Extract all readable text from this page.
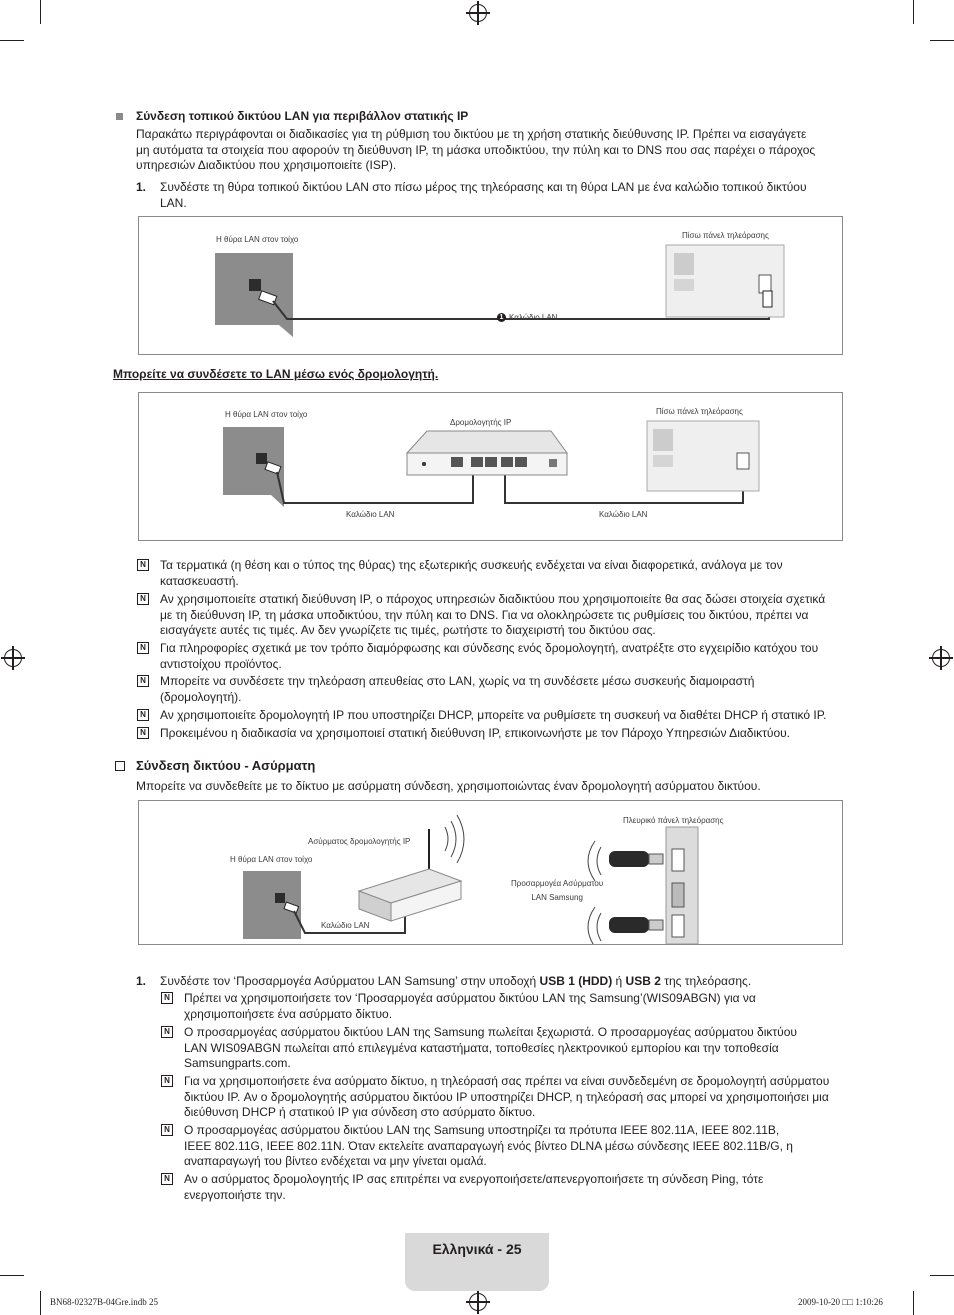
Σύνδεση τοπικού δικτύου LAN για περιβάλλον στατικής IP
Παρακάτω περιγράφονται οι διαδικασίες για τη ρύθμιση του δικτύου με τη χρήση στατικής διεύθυνσης IP. Πρέπει να εισαγάγετε
μη αυτόματα τα στοιχεία που αφορούν τη διεύθυνση IP, τη μάσκα υποδικτύου, την πύλη και το DNS που σας παρέχει ο πάροχος
υπηρεσιών Διαδικτύου που χρησιμοποιείτε (ISP).
1. Συνδέστε τη θύρα τοπικού δικτύου LAN στο πίσω μέρος της τηλεόρασης και τη θύρα LAN με ένα καλώδιο τοπικού δικτύου
LAN.
Η θύρα LAN στον τοίχο	Πίσω πάνελ τηλεόρασης
1 Καλώδιο LAN
Μπορείτε να συνδέσετε το LAN μέσω ενός δρομολογητή.
Η θύρα LAN στον τοίχο
Δρομολογητής IP
Πίσω πάνελ τηλεόρασης
Καλώδιο LAN	Καλώδιο LAN
N Τα τερματικά (η θέση και ο τύπος της θύρας) της εξωτερικής συσκευής ενδέχεται να είναι διαφορετικά, ανάλογα με τον
κατασκευαστή.
N Αν χρησιμοποιείτε στατική διεύθυνση IP, ο πάροχος υπηρεσιών διαδικτύου που χρησιμοποιείτε θα σας δώσει στοιχεία σχετικά
με τη διεύθυνση IP, τη μάσκα υποδικτύου, την πύλη και το DNS. Για να ολοκληρώσετε τις ρυθμίσεις του δικτύου, πρέπει να
εισαγάγετε αυτές τις τιμές. Αν δεν γνωρίζετε τις τιμές, ρωτήστε το διαχειριστή του δικτύου σας.
N Για πληροφορίες σχετικά με τον τρόπο διαμόρφωσης και σύνδεσης ενός δρομολογητή, ανατρέξτε στο εγχειρίδιο κατόχου του
αντιστοίχου προϊόντος.
N Μπορείτε να συνδέσετε την τηλεόραση απευθείας στο LAN, χωρίς να τη συνδέσετε μέσω συσκευής διαμοιραστή
(δρομολογητή).
N Αν χρησιμοποιείτε δρομολογητή IP που υποστηρίζει DHCP, μπορείτε να ρυθμίσετε τη συσκευή να διαθέτει DHCP ή στατικό IP.
N Προκειμένου η διαδικασία να χρησιμοποιεί στατική διεύθυνση IP, επικοινωνήστε με τον Πάροχο Υπηρεσιών Διαδικτύου.
Σύνδεση δικτύου - Ασύρματη
Μπορείτε να συνδεθείτε με το δίκτυο με ασύρματη σύνδεση, χρησιμοποιώντας έναν δρομολογητή ασύρματου δικτύου.
Ασύρματος δρομολογητής IP
Η θύρα LAN στον τοίχο
Καλώδιο LAN
Πλευρικό πάνελ τηλεόρασης
Προσαρμογέα Ασύρματου
LAN Samsung
1. Συνδέστε τον ‘Προσαρμογέα Ασύρματου LAN Samsung’ στην υποδοχή USB 1 (HDD) ή USB 2 της τηλεόρασης.
N Πρέπει να χρησιμοποιήσετε τον ‘Προσαρμογέα ασύρματου δικτύου LAN της Samsung’(WIS09ABGN) για να
χρησιμοποιήσετε ένα ασύρματο δίκτυο.
N Ο προσαρμογέας ασύρματου δικτύου LAN της Samsung πωλείται ξεχωριστά. Ο προσαρμογέας ασύρματου δικτύου
LAN WIS09ABGN πωλείται από επιλεγμένα καταστήματα, τοποθεσίες ηλεκτρονικού εμπορίου και την τοποθεσία
Samsungparts.com.
N Για να χρησιμοποιήσετε ένα ασύρματο δίκτυο, η τηλεόρασή σας πρέπει να είναι συνδεδεμένη σε δρομολογητή ασύρματου
δικτύου IP. Αν ο δρομολογητής ασύρματου δικτύου IP υποστηρίζει DHCP, η τηλεόρασή σας μπορεί να χρησιμοποιήσει μια
διεύθυνση DHCP ή στατικού IP για σύνδεση στο ασύρματο δίκτυο.
N Ο προσαρμογέας ασύρματου δικτύου LAN της Samsung υποστηρίζει τα πρότυπα IEEE 802.11A, IEEE 802.11B,
IEEE 802.11G, IEEE 802.11N. Όταν εκτελείτε αναπαραγωγή ενός βίντεο DLNA μέσω σύνδεσης IEEE 802.11B/G, η
αναπαραγωγή του βίντεο ενδέχεται να μην γίνεται ομαλά.
N Αν ο ασύρματος δρομολογητής IP σας επιτρέπει να ενεργοποιήσετε/απενεργοποιήσετε τη σύνδεση Ping, τότε
ενεργοποιήστε την.
Ελληνικά - 25
BN68-02327B-04Gre.indb 25	2009-10-20 □□ 1:10:26
